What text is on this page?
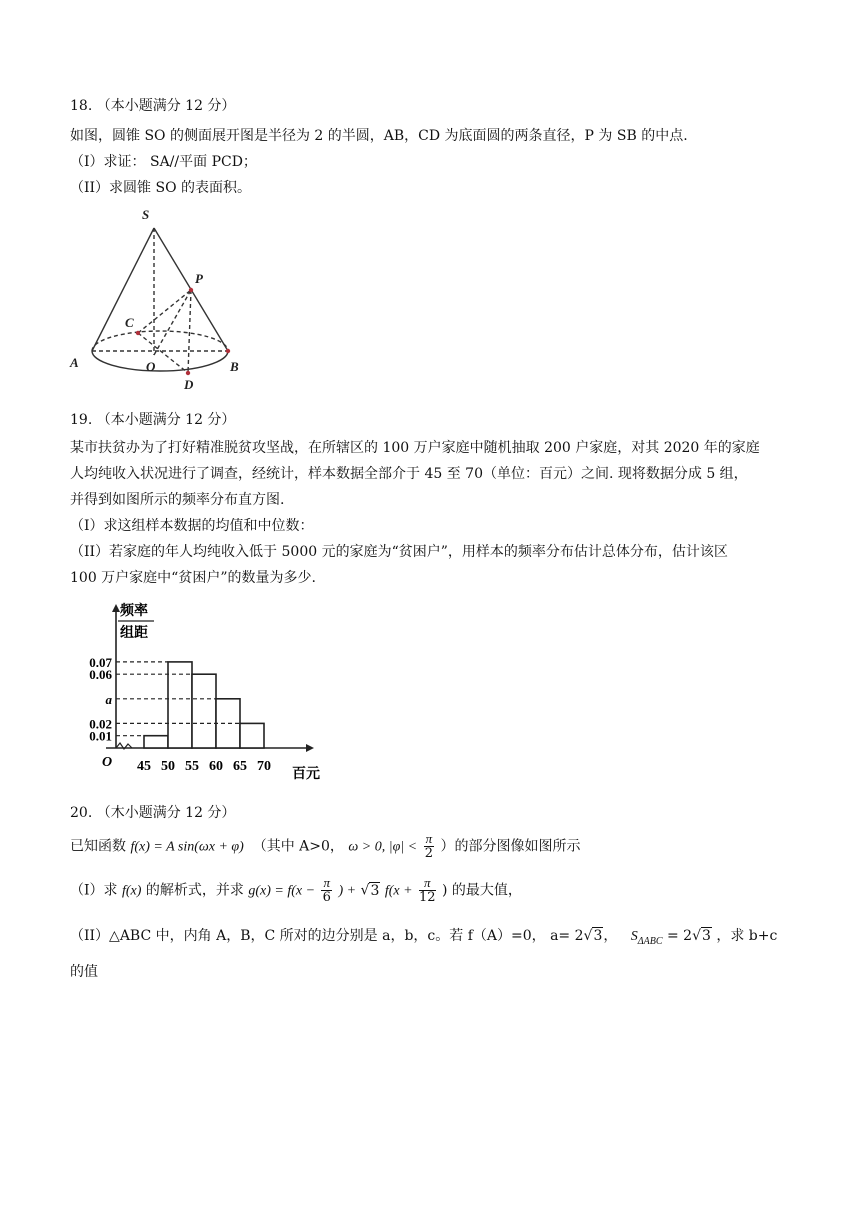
18. （本小题满分 12 分）
如图，圆锥 SO 的侧面展开图是半径为 2 的半圆，AB，CD 为底面圆的两条直径，P 为 SB 的中点.
（I）求证： SA//平面 PCD；
（II）求圆锥 SO 的表面积。
S
P
C
A	O
D
B
19. （本小题满分 12 分）
某市扶贫办为了打好精准脱贫攻坚战，在所辖区的 100 万户家庭中随机抽取 200 户家庭，对其 2020 年的家庭
人均纯收入状况进行了调查，经统计，样本数据全部介于 45 至 70（单位：百元）之间. 现将数据分成 5 组，
并得到如图所示的频率分布直方图.
（I）求这组样本数据的均值和中位数：
（II）若家庭的年人均纯收入低于 5000 元的家庭为“贫困户”，用样本的频率分布估计总体分布，估计该区
100 万户家庭中“贫困户”的数量为多少.
频率
组距
0.07
0.06
a
0.02
0.01
45 50 55 60 65 70
O
百元
20. （木小题满分 12 分）
已知函数 f(x) = A sin(ωx + φ) （其中 A>0， ω > 0, $|\varphi| < \frac{\pi}{2}$ ）的部分图像如图所示
（I）求 f(x) 的解析式，并求 $g(x) = f(x - \frac{\pi}{6}$ ) + √3 $f(x + \frac{\pi}{12}$ ) 的最大值，
（II）△ABC 中，内角 A，B，C 所对的边分别是 a，b，c。若 f（A）=0， a= 2√3， $S_{\Delta ABC} = 2√3$ ，求 b+c
的值
